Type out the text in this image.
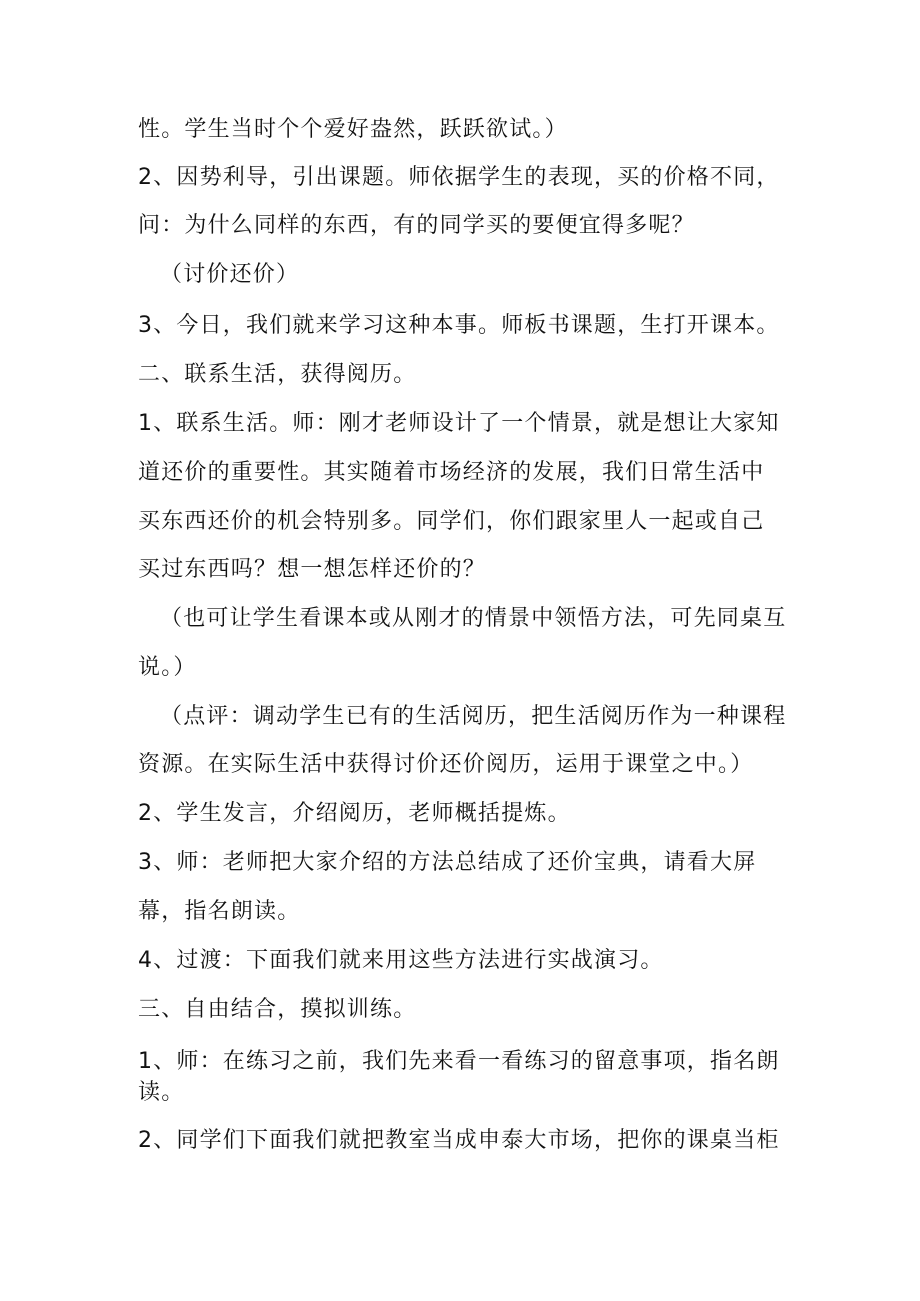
性。学生当时个个爱好盎然，跃跃欲试。）
2、因势利导，引出课题。师依据学生的表现，买的价格不同，
问：为什么同样的东西，有的同学买的要便宜得多呢？
（讨价还价）
3、今日，我们就来学习这种本事。师板书课题，生打开课本。
二、联系生活，获得阅历。
1、联系生活。师：刚才老师设计了一个情景，就是想让大家知
道还价的重要性。其实随着市场经济的发展，我们日常生活中
买东西还价的机会特别多。同学们，你们跟家里人一起或自己
买过东西吗？想一想怎样还价的？
（也可让学生看课本或从刚才的情景中领悟方法，可先同桌互
说。）
（点评：调动学生已有的生活阅历，把生活阅历作为一种课程
资源。在实际生活中获得讨价还价阅历，运用于课堂之中。）
2、学生发言，介绍阅历，老师概括提炼。
3、师：老师把大家介绍的方法总结成了还价宝典，请看大屏
幕，指名朗读。
4、过渡：下面我们就来用这些方法进行实战演习。
三、自由结合，摸拟训练。
1、师：在练习之前，我们先来看一看练习的留意事项，指名朗
读。
2、同学们下面我们就把教室当成申泰大市场，把你的课桌当柜
